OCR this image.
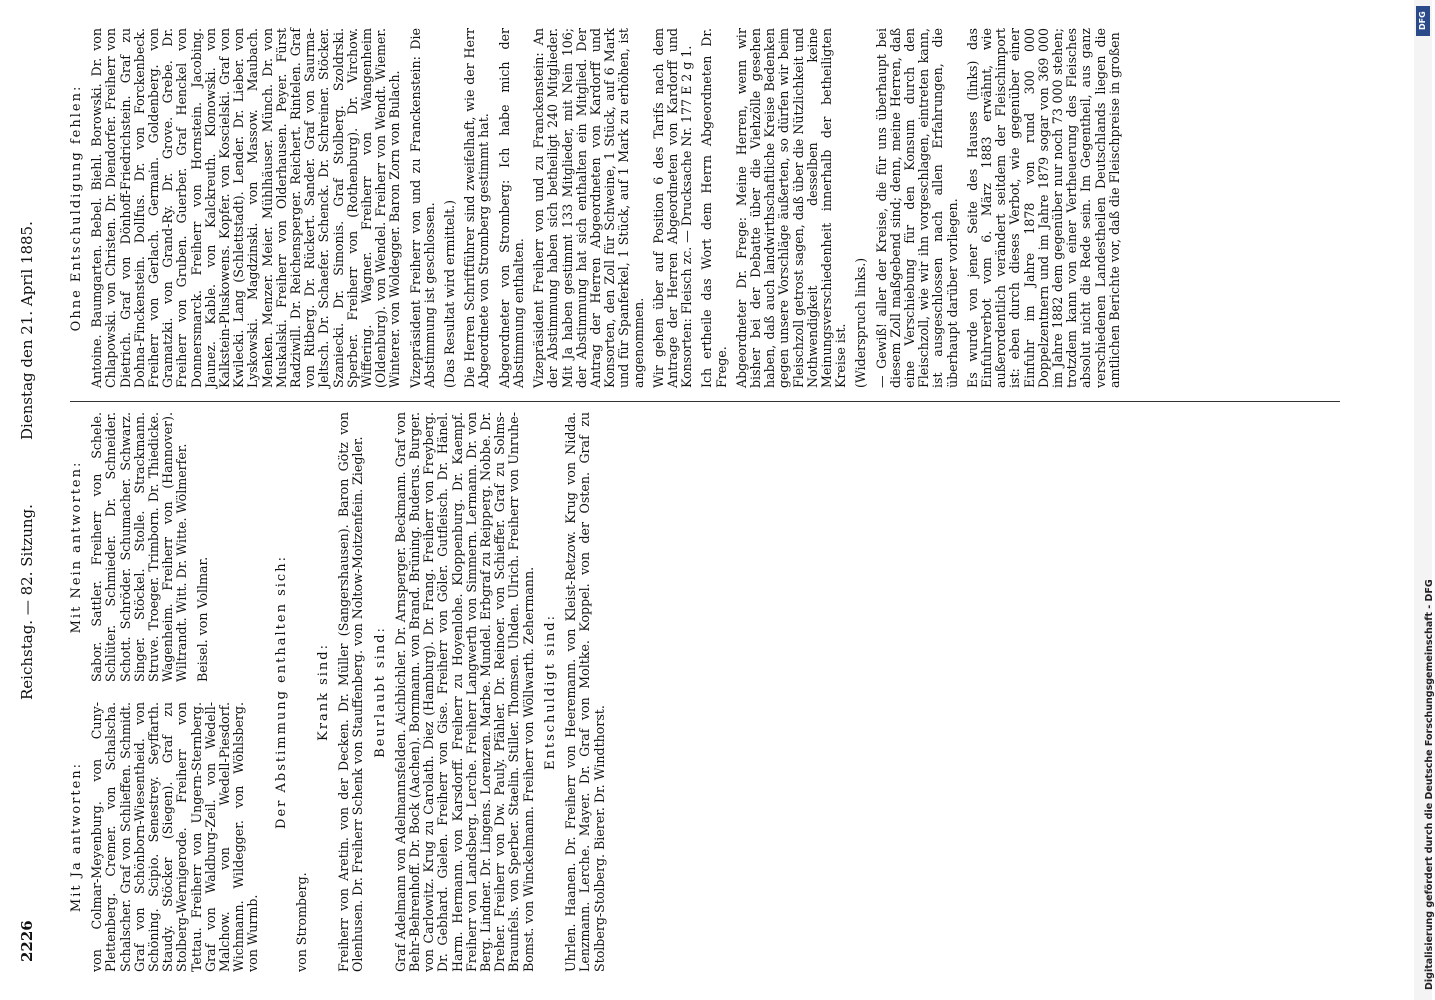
2226
Reichstag. — 82. Sitzung.
Dienstag den 21. April 1885.
Mit Ja antworten: von Colmar-Meyenburg. von Cuny-Plettenberg. Cremer. von Schalscha. Schalscher. Graf von Schlieffen. Schmidt. Graf von Schönborn-Wiesentheid. von Schöning. Scipio. Senestrey. Seyffarth. Staudy. Stöcker (Siegen). Graf zu Stolberg-Wernigerode. Freiherr von Tettau. Freiherr von Ungern-Sternberg. Graf von Waldburg-Zeil. von Wedell-Malchow. von Wedell-Piesdorf. Wichmann. Wildegger. von Wöhlsberg. von Wurmb.

Mit Nein antworten: Sabor. Sattler. Freiherr von Schele. Schlüter. Schmieder. Dr. Schneider. Schott. Schröder. Schumacher. Schwarz. Singer. Stöckel. Stolle. Strackmann. Struve. Troeger. Trimborn. Dr. Thiedicke. Wagenheim. Freiherr von (Hannover). Wiltrandt. Witt. Dr. Witte. Wölmerfer. Beisel. von Vollmar.	Der Abstimmung enthalten sich:

von Stromberg.

Krank sind: Freiherr von Aretin. von der Decken. Dr. Müller (Sangershausen). Baron Götz von Olenhusen. Dr. Freiherr Schenk von Stauffenberg. von Noltow-Moitzenfein. Ziegler. Beurlaubt sind: Graf Adelmann von Adelmannsfelden. Aichbichler. Dr. Arnsperger. Beckmann. Graf von Behr-Behrenhoff. Dr. Bock (Aachen). Bornmann. von Brand. Brüning. Buderus. Burger. von Carlowitz. Krug zu Carolath. Diez (Hamburg). Dr. Frang. Freiherr von Freyberg. Dr. Gebhard. Gielen. Freiherr von Gise. Freiherr von Göler. Gutfleisch. Dr. Hänel. Harm. Hermann. von Karsdorff. Freiherr zu Hoyenlohe. Kloppenburg. Dr. Kaempf. Freiherr von Landsberg. Lerche. Freiherr Langwerth von Simmern. Lermann. Dr. von Berg. Lindner. Dr. Lingens. Lorenzen. Marbe. Mundel. Erbgraf zu Reipperg. Nobbe. Dr. Dreher. Freiherr von Dw. Pauly. Pfähler. Dr. Reinoer. von Schieffer. Graf zu Solms-Braunfels. von Sperber. Staelin. Stiller. Thomsen. Uhden. Ulrich. Freiherr von Unruhe-Bomst. von Winckelmann. Freiherr von Wöllwarth. Zehermann. Entschuldigt sind: Uhrlen. Haanen. Dr. Freiherr von Heeremann. von Kleist-Retzow. Krug von Nidda. Lenzmann. Lerche. Mayer. Dr. Graf von Moltke. Koppel. von der Osten. Graf zu Stolberg-Stolberg. Bierer. Dr. Windthorst.

Ohne Entschuldigung fehlen: Antoine. Baumgarten. Bebel. Biehl. Borowski. Dr. von Chlapowski. von Christen. Dr. Diendorfer. Freiherr von Dietrich. Graf von Dönhoff-Friedrichstein. Graf zu Dohna-Finckenstein. Dollfus. Dr. von Forckenbeck. Freiherr von Gerlach. Germain. Goldenberg. von Gramatzki. von Grand-Ry. Dr. Grove. Grebe. Dr. Freiherr von Gruben. Guerber. Graf Henckel von Donnersmarck. Freiherr von Hornstein. Jacobing. Jaunez. Kable. von Kalckreuth. Klonowski. von Kalkstein-Pluskowens. Kopfer. von Koscielski. Graf von Kwilecki. Lang (Schlettstadt). Lender. Dr. Lieber. von Lyskowski. Magdzinski. von Massow. Maubach. Menken. Menzer. Meier. Mühlhäuser. Münch. Dr. von Muskalski. Freiherr von Olderhausen. Peyer. Fürst Radziwill. Dr. Reichensperger. Reichert. Rintelen. Graf von Ritberg. Dr. Rückert. Sander. Graf von Saurma-Jeltsch. Dr. Schaefer. Schenck. Dr. Schreiner. Stöcker. Szaniecki. Dr. Simonis. Graf Stolberg. Szoldrski. Sperber. Freiherr von (Rothenburg). Dr. Virchow. Wiffering. Wagner. Freiherr von Wangenheim (Oldenburg). von Wendel. Freiherr von Wendt. Wiemer. Winterer. von Woldegger. Baron Zorn von Bulach. Vizepräsident Freiherr von und zu Franckenstein: Die Abstimmung ist geschlossen. (Das Resultat wird ermittelt.) Die Herren Schriftführer sind zweifelhaft, wie der Herr Abgeordnete von Stromberg gestimmt hat. Abgeordneter von Stromberg: Ich habe mich der Abstimmung enthalten. Vizepräsident Freiherr von und zu Franckenstein: An der Abstimmung haben sich betheiligt 240 Mitglieder. Mit Ja haben gestimmt 133 Mitglieder, mit Nein 106; der Abstimmung hat sich enthalten ein Mitglied. Der Antrag der Herren Abgeordneten von Kardorff und Konsorten, den Zoll für Schweine, 1 Stück, auf 6 Mark und für Spanferkel, 1 Stück, auf 1 Mark zu erhöhen, ist angenommen. Wir gehen über auf Position 6 des Tarifs nach dem Antrage der Herren Abgeordneten von Kardorff und Konsorten: Fleisch zc. — Drucksache Nr. 177 E 2 g 1. Ich ertheile das Wort dem Herrn Abgeordneten Dr. Frege. Abgeordneter Dr. Frege: Meine Herren, wenn wir bisher bei der Debatte über die Viehzölle gesehen haben, daß auch landwirthschaftliche Kreise Bedenken gegen unsere Vorschläge äußerten, so dürfen wir beim Fleischzoll getrost sagen, daß über die Nützlichkeit und Nothwendigkeit desselben keine Meinungsverschiedenheit innerhalb der betheiligten Kreise ist. (Widerspruch links.) — Gewiß! aller der Kreise, die für uns überhaupt bei diesem Zoll maßgebend sind; denn, meine Herren, daß eine Verschiebung für den Konsum durch den Fleischzoll, wie wir ihn vorgeschlagen, eintreten kann, ist ausgeschlossen nach allen Erfahrungen, die überhaupt darüber vorliegen. Es wurde von jener Seite des Hauses (links) das Einfuhrverbot vom 6. März 1883 erwähnt, wie außerordentlich verändert seitdem der Fleischimport ist: eben durch dieses Verbot, wie gegenüber einer Einfuhr im Jahre 1878 von rund 300 000 Doppelzentnern und im Jahre 1879 sogar von 369 000 im Jahre 1882 dem gegenüber nur noch 73 000 stehen; trotzdem kann von einer Vertheuerung des Fleisches absolut nicht die Rede sein. Im Gegentheil, aus ganz verschiedenen Landestheilen Deutschlands liegen die amtlichen Berichte vor, daß die Fleischpreise in großen

DFG
Digitalisierung gefördert durch die Deutsche Forschungsgemeinschaft - DFG
